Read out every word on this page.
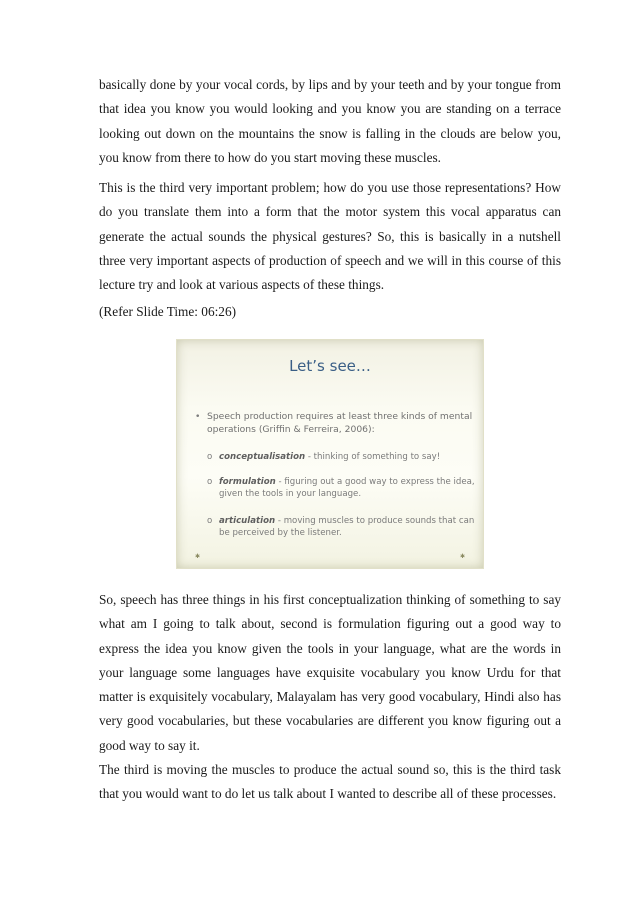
basically done by your vocal cords, by lips and by your teeth and by your tongue from that idea you know you would looking and you know you are standing on a terrace looking out down on the mountains the snow is falling in the clouds are below you, you know from there to how do you start moving these muscles.

This is the third very important problem; how do you use those representations? How do you translate them into a form that the motor system this vocal apparatus can generate the actual sounds the physical gestures? So, this is basically in a nutshell three very important aspects of production of speech and we will in this course of this lecture try and look at various aspects of these things.

(Refer Slide Time: 06:26)

Let’s see…

• Speech production requires at least three kinds of mental operations (Griffin & Ferreira, 2006):

o conceptualisation - thinking of something to say!

o formulation - figuring out a good way to express the idea, given the tools in your language.

o articulation - moving muscles to produce sounds that can be perceived by the listener.

✱	✱

So, speech has three things in his first conceptualization thinking of something to say what am I going to talk about, second is formulation figuring out a good way to express the idea you know given the tools in your language, what are the words in your language some languages have exquisite vocabulary you know Urdu for that matter is exquisitely vocabulary, Malayalam has very good vocabulary, Hindi also has very good vocabularies, but these vocabularies are different you know figuring out a good way to say it.

The third is moving the muscles to produce the actual sound so, this is the third task that you would want to do let us talk about I wanted to describe all of these processes.
